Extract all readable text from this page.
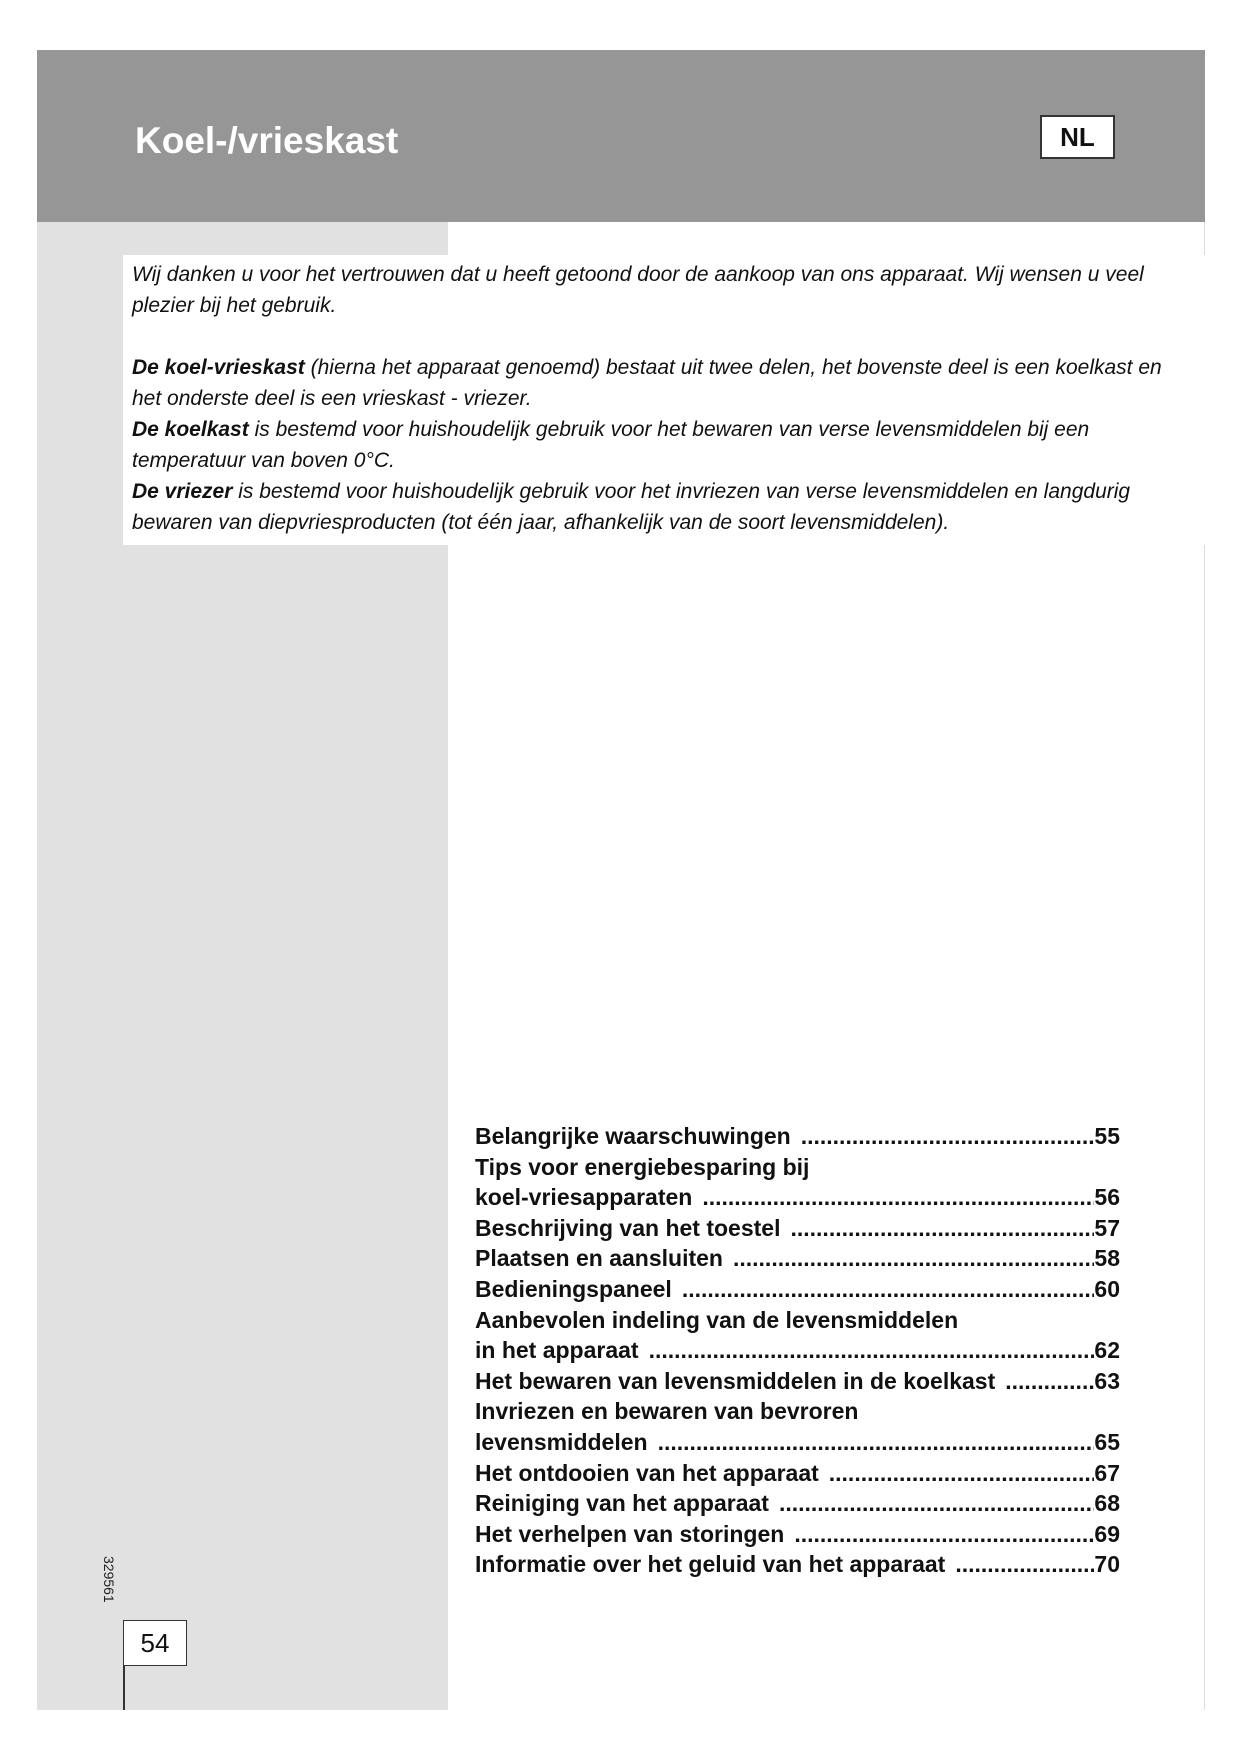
Koel-/vrieskast	NL

Wij danken u voor het vertrouwen dat u heeft getoond door de aankoop van ons apparaat. Wij wensen u veel plezier bij het gebruik.

De koel-vrieskast (hierna het apparaat genoemd) bestaat uit twee delen, het bovenste deel is een koelkast en het onderste deel is een vrieskast - vriezer.

De koelkast is bestemd voor huishoudelijk gebruik voor het bewaren van verse levensmiddelen bij een temperatuur van boven 0°C.

De vriezer is bestemd voor huishoudelijk gebruik voor het invriezen van verse levensmiddelen en langdurig bewaren van diepvriesproducten (tot één jaar, afhankelijk van de soort levensmiddelen).

Belangrijke waarschuwingen .....	55
Tips voor energiebesparing bij
koel-vriesapparaten .....	56
Beschrijving van het toestel .....	57
Plaatsen en aansluiten .....	58
Bedieningspaneel .....	60
Aanbevolen indeling van de levensmiddelen
in het apparaat .....	62
Het bewaren van levensmiddelen in de koelkast .....	63
Invriezen en bewaren van bevroren
levensmiddelen .....	65
Het ontdooien van het apparaat .....	67
Reiniging van het apparaat .....	68
Het verhelpen van storingen .....	69
Informatie over het geluid van het apparaat .....	70
329561
54
